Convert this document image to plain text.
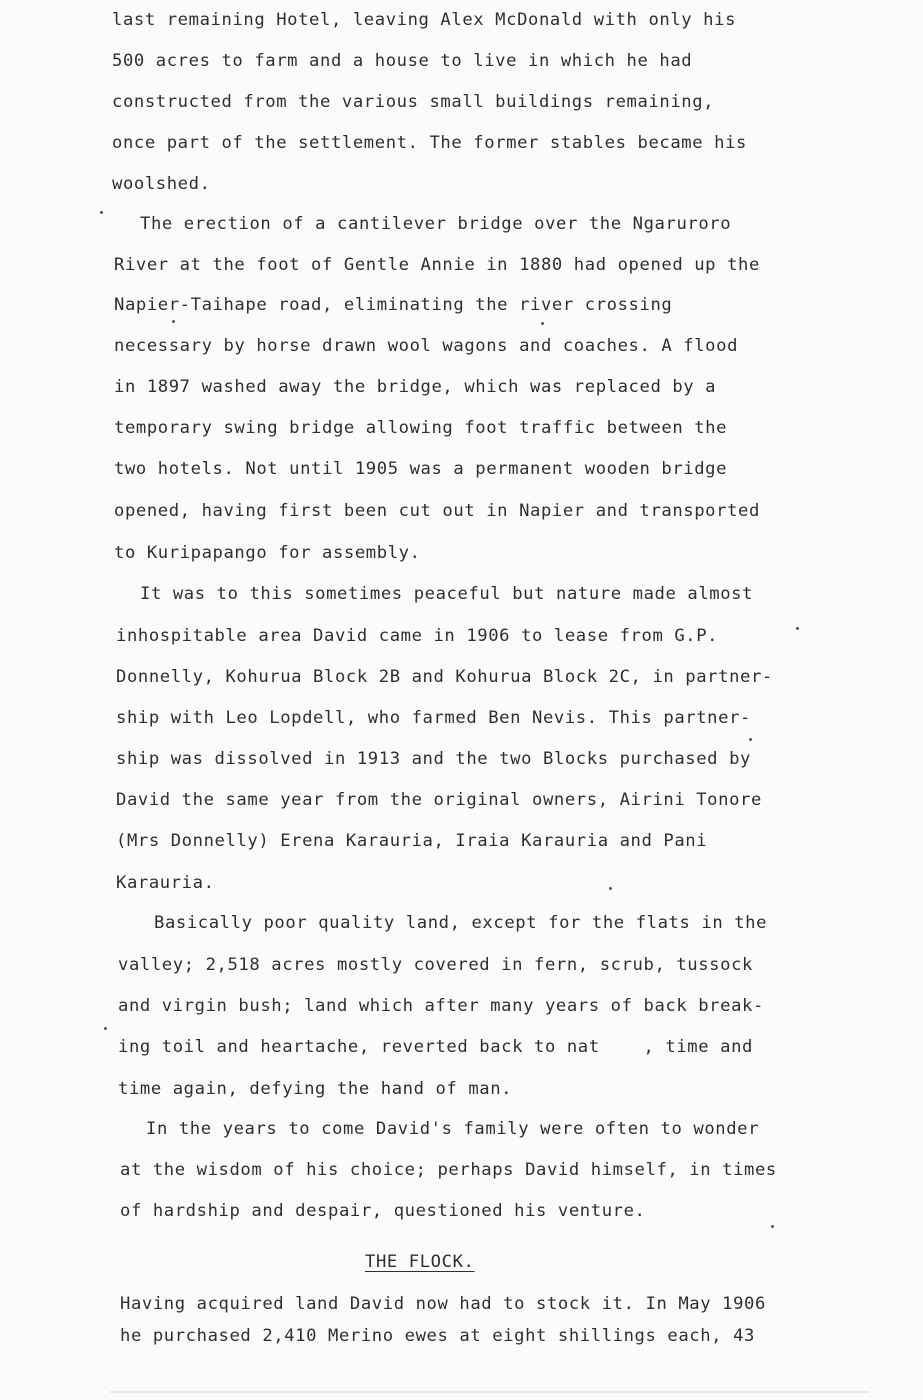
last remaining Hotel, leaving Alex McDonald with only his
500 acres to farm and a house to live in which he had
constructed from the various small buildings remaining,
once part of the settlement. The former stables became his
woolshed.
The erection of a cantilever bridge over the Ngaruroro
River at the foot of Gentle Annie in 1880 had opened up the
Napier-Taihape road, eliminating the river crossing
necessary by horse drawn wool wagons and coaches. A flood
in 1897 washed away the bridge, which was replaced by a
temporary swing bridge allowing foot traffic between the
two hotels. Not until 1905 was a permanent wooden bridge
opened, having first been cut out in Napier and transported
to Kuripapango for assembly.
It was to this sometimes peaceful but nature made almost
inhospitable area David came in 1906 to lease from G.P.
Donnelly, Kohurua Block 2B and Kohurua Block 2C, in partner-
ship with Leo Lopdell, who farmed Ben Nevis. This partner-
ship was dissolved in 1913 and the two Blocks purchased by
David the same year from the original owners, Airini Tonore
(Mrs Donnelly) Erena Karauria, Iraia Karauria and Pani
Karauria.
Basically poor quality land, except for the flats in the
valley; 2,518 acres mostly covered in fern, scrub, tussock
and virgin bush; land which after many years of back break-
ing toil and heartache, reverted back to nat    , time and
time again, defying the hand of man.
In the years to come David's family were often to wonder
at the wisdom of his choice; perhaps David himself, in times
of hardship and despair, questioned his venture.
THE FLOCK.
Having acquired land David now had to stock it. In May 1906
he purchased 2,410 Merino ewes at eight shillings each, 43
